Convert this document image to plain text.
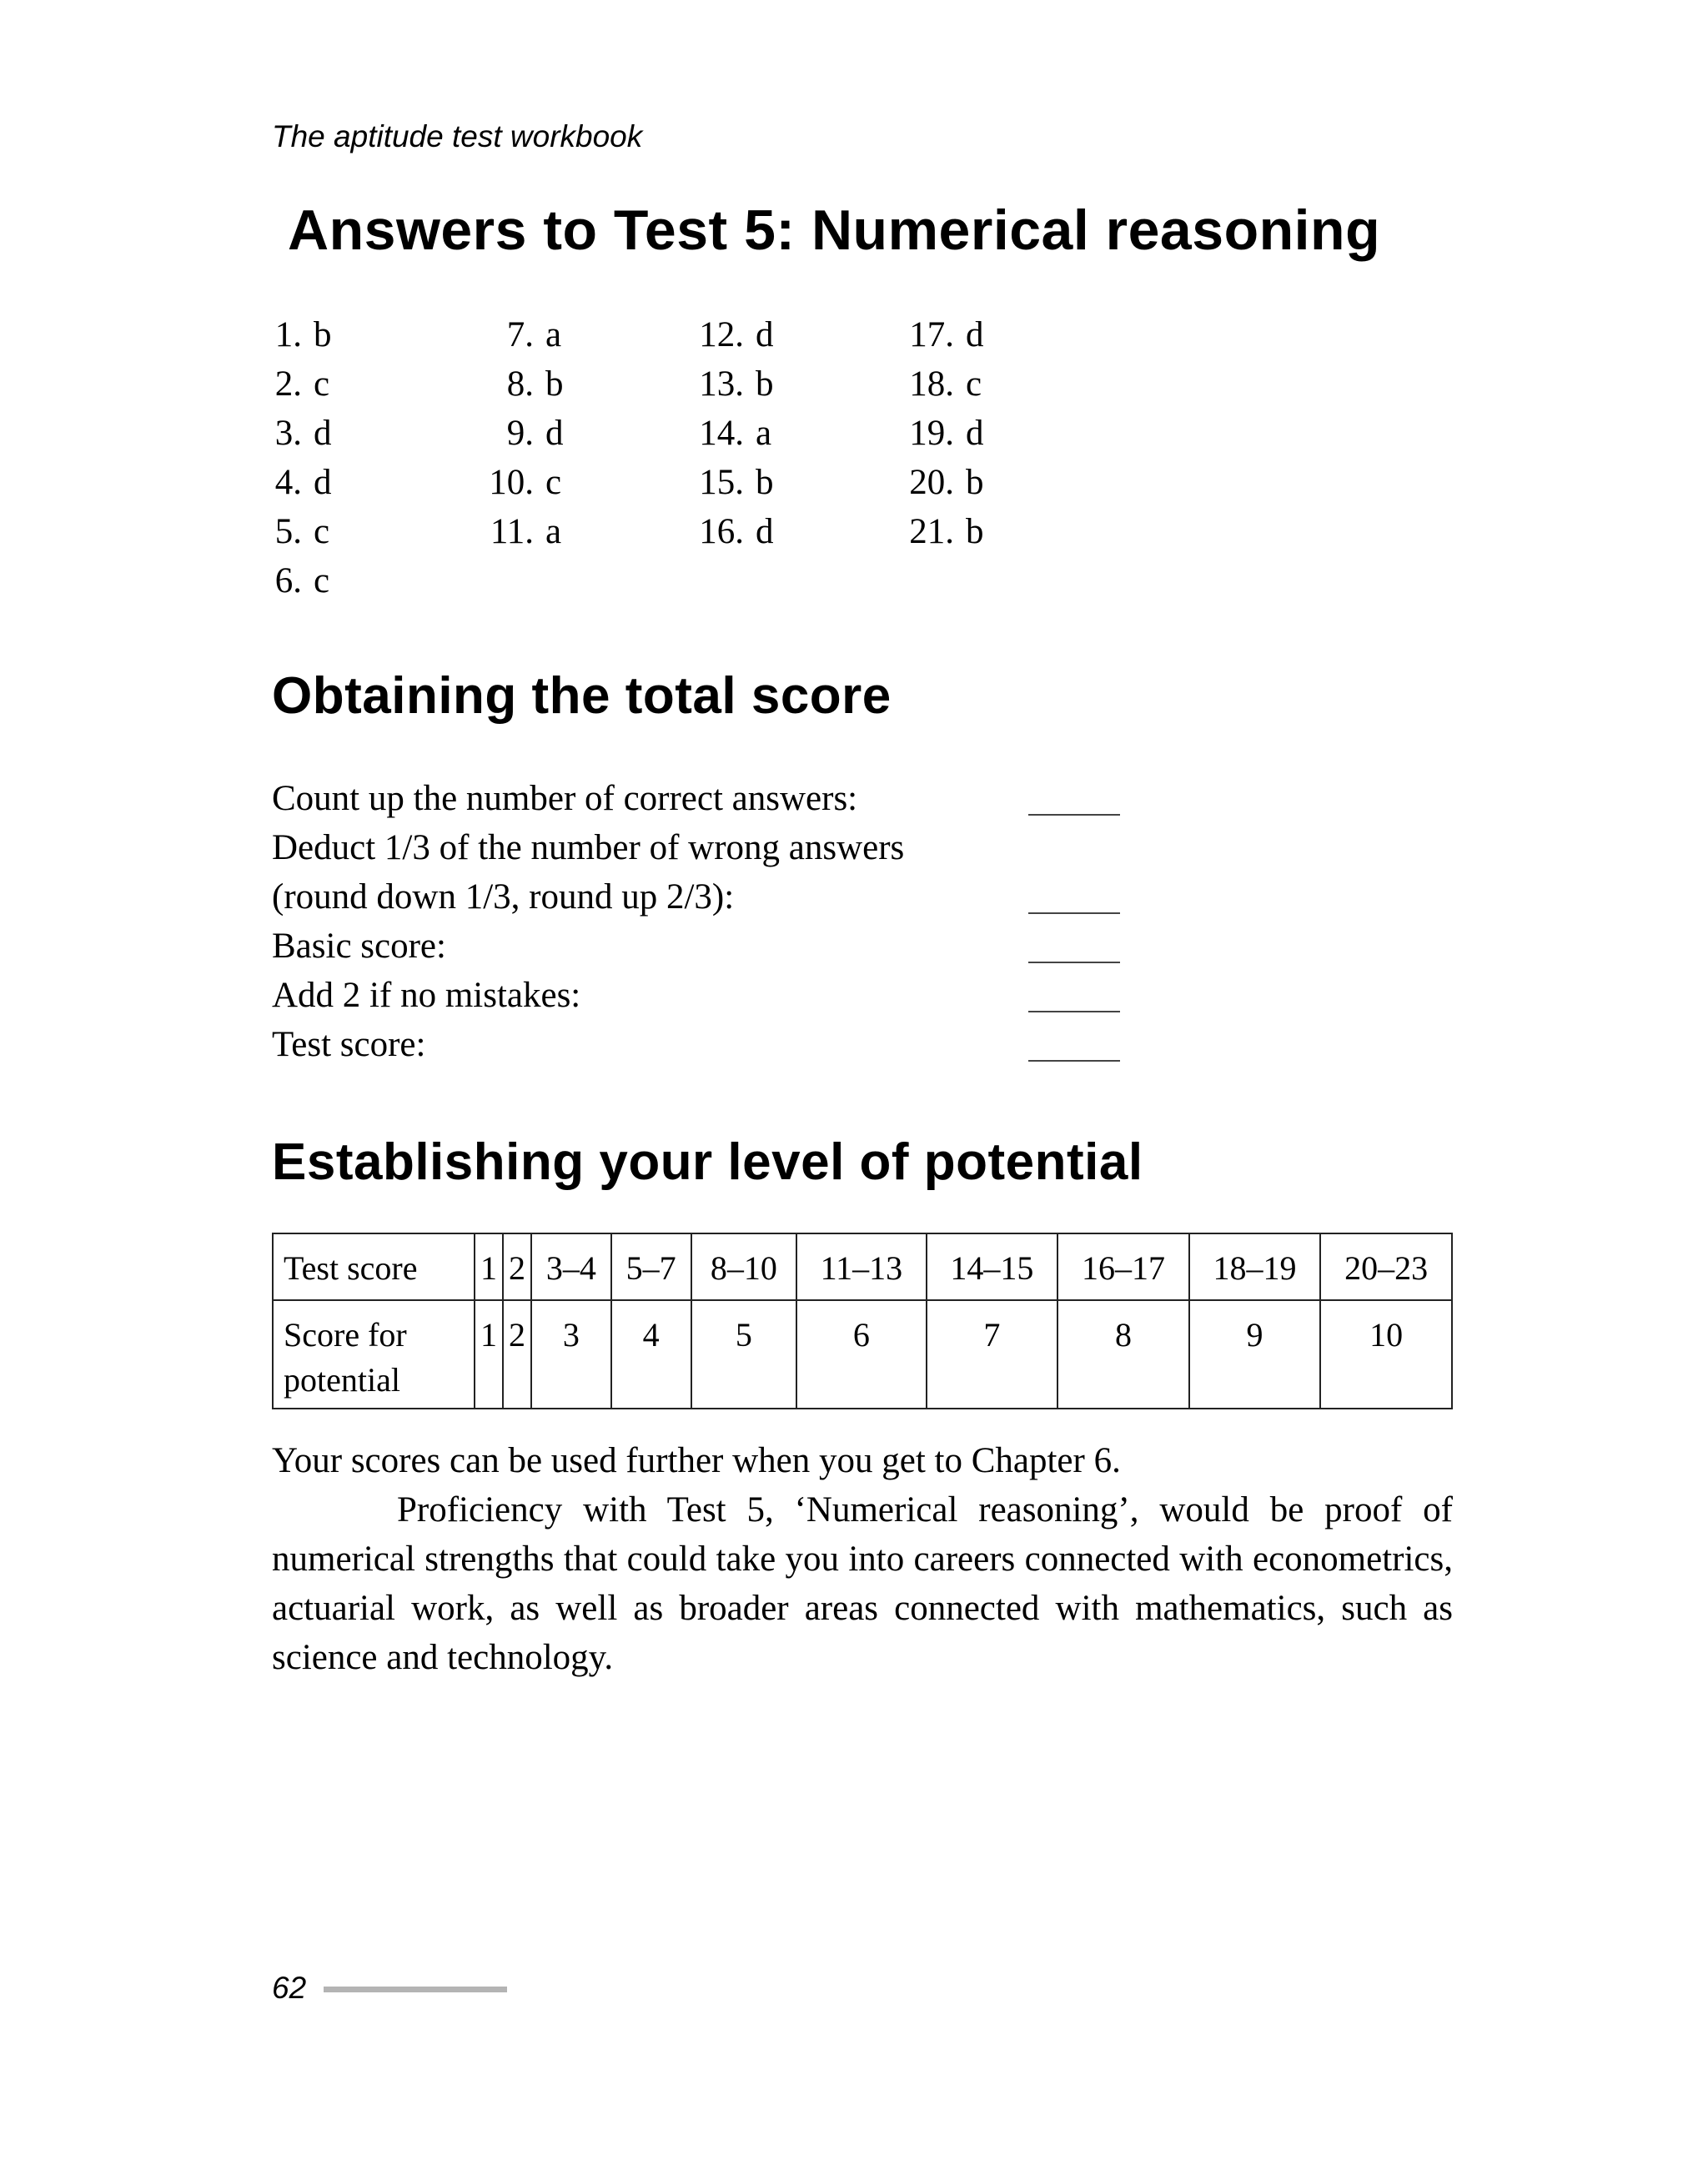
The aptitude test workbook
Answers to Test 5: Numerical reasoning
1. b
2. c
3. d
4. d
5. c
6. c
7. a
8. b
9. d
10. c
11. a
12. d
13. b
14. a
15. b
16. d
17. d
18. c
19. d
20. b
21. b
Obtaining the total score
Count up the number of correct answers:
Deduct 1/3 of the number of wrong answers
(round down 1/3, round up 2/3):
Basic score:
Add 2 if no mistakes:
Test score:
Establishing your level of potential
Test score	1	2	3–4	5–7	8–10	11–13	14–15	16–17	18–19	20–23
Score for
potential	1	2	3	4	5	6	7	8	9	10

Your scores can be used further when you get to Chapter 6.

Proficiency with Test 5, ‘Numerical reasoning’, would be proof of numerical strengths that could take you into careers connected with econometrics, actuarial work, as well as broader areas connected with mathematics, such as science and technology.

62
